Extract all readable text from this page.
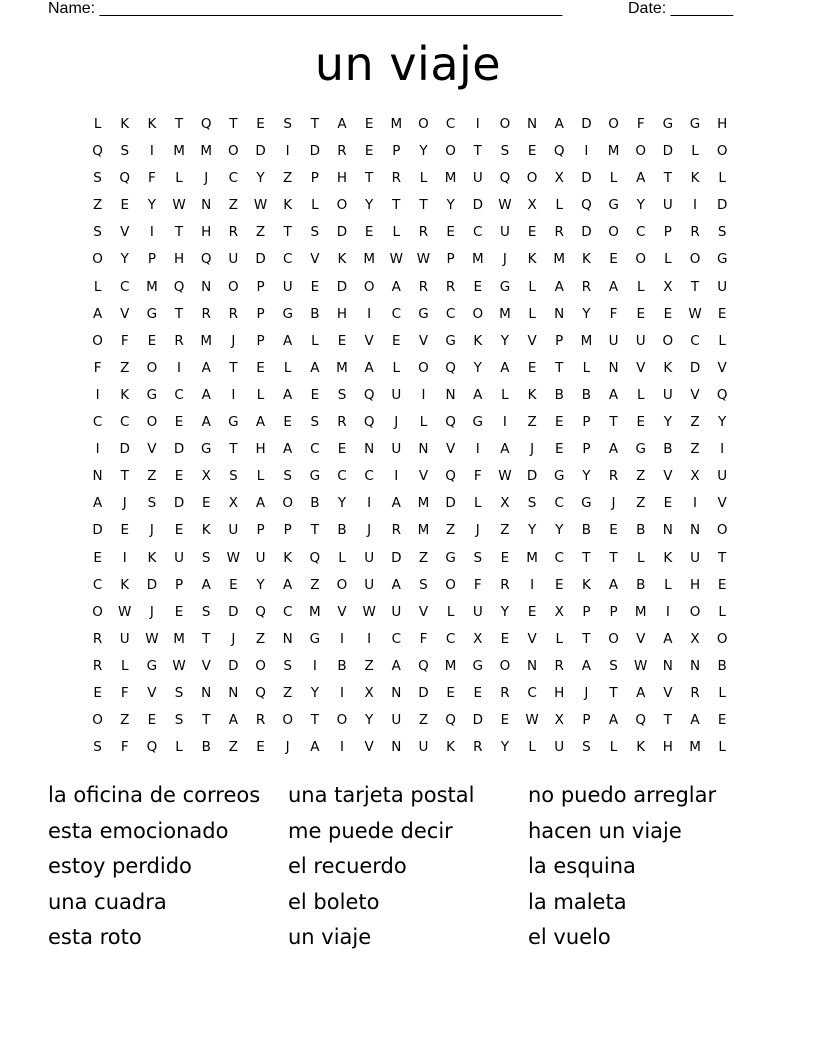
Name: ____________________________________________________	Date: _______
un viaje
L	K	K	T	Q	T	E	S	T	A	E	M	O	C	I	O	N	A	D	O	F	G	G	H
Q	S	I	M	M	O	D	I	D	R	E	P	Y	O	T	S	E	Q	I	M	O	D	L	O
S	Q	F	L	J	C	Y	Z	P	H	T	R	L	M	U	Q	O	X	D	L	A	T	K	L
Z	E	Y	W	N	Z	W	K	L	O	Y	T	T	Y	D	W	X	L	Q	G	Y	U	I	D
S	V	I	T	H	R	Z	T	S	D	E	L	R	E	C	U	E	R	D	O	C	P	R	S
O	Y	P	H	Q	U	D	C	V	K	M	W	W	P	M	J	K	M	K	E	O	L	O	G
L	C	M	Q	N	O	P	U	E	D	O	A	R	R	E	G	L	A	R	A	L	X	T	U
A	V	G	T	R	R	P	G	B	H	I	C	G	C	O	M	L	N	Y	F	E	E	W	E
O	F	E	R	M	J	P	A	L	E	V	E	V	G	K	Y	V	P	M	U	U	O	C	L
F	Z	O	I	A	T	E	L	A	M	A	L	O	Q	Y	A	E	T	L	N	V	K	D	V
I	K	G	C	A	I	L	A	E	S	Q	U	I	N	A	L	K	B	B	A	L	U	V	Q
C	C	O	E	A	G	A	E	S	R	Q	J	L	Q	G	I	Z	E	P	T	E	Y	Z	Y
I	D	V	D	G	T	H	A	C	E	N	U	N	V	I	A	J	E	P	A	G	B	Z	I
N	T	Z	E	X	S	L	S	G	C	C	I	V	Q	F	W	D	G	Y	R	Z	V	X	U
A	J	S	D	E	X	A	O	B	Y	I	A	M	D	L	X	S	C	G	J	Z	E	I	V
D	E	J	E	K	U	P	P	T	B	J	R	M	Z	J	Z	Y	Y	B	E	B	N	N	O
E	I	K	U	S	W	U	K	Q	L	U	D	Z	G	S	E	M	C	T	T	L	K	U	T
C	K	D	P	A	E	Y	A	Z	O	U	A	S	O	F	R	I	E	K	A	B	L	H	E
O	W	J	E	S	D	Q	C	M	V	W	U	V	L	U	Y	E	X	P	P	M	I	O	L
R	U	W	M	T	J	Z	N	G	I	I	C	F	C	X	E	V	L	T	O	V	A	X	O
R	L	G	W	V	D	O	S	I	B	Z	A	Q	M	G	O	N	R	A	S	W	N	N	B
E	F	V	S	N	N	Q	Z	Y	I	X	N	D	E	E	R	C	H	J	T	A	V	R	L
O	Z	E	S	T	A	R	O	T	O	Y	U	Z	Q	D	E	W	X	P	A	Q	T	A	E
S	F	Q	L	B	Z	E	J	A	I	V	N	U	K	R	Y	L	U	S	L	K	H	M	L
la oficina de correos	una tarjeta postal	no puedo arreglar
esta emocionado	me puede decir	hacen un viaje
estoy perdido	el recuerdo	la esquina
una cuadra	el boleto	la maleta
esta roto	un viaje	el vuelo
